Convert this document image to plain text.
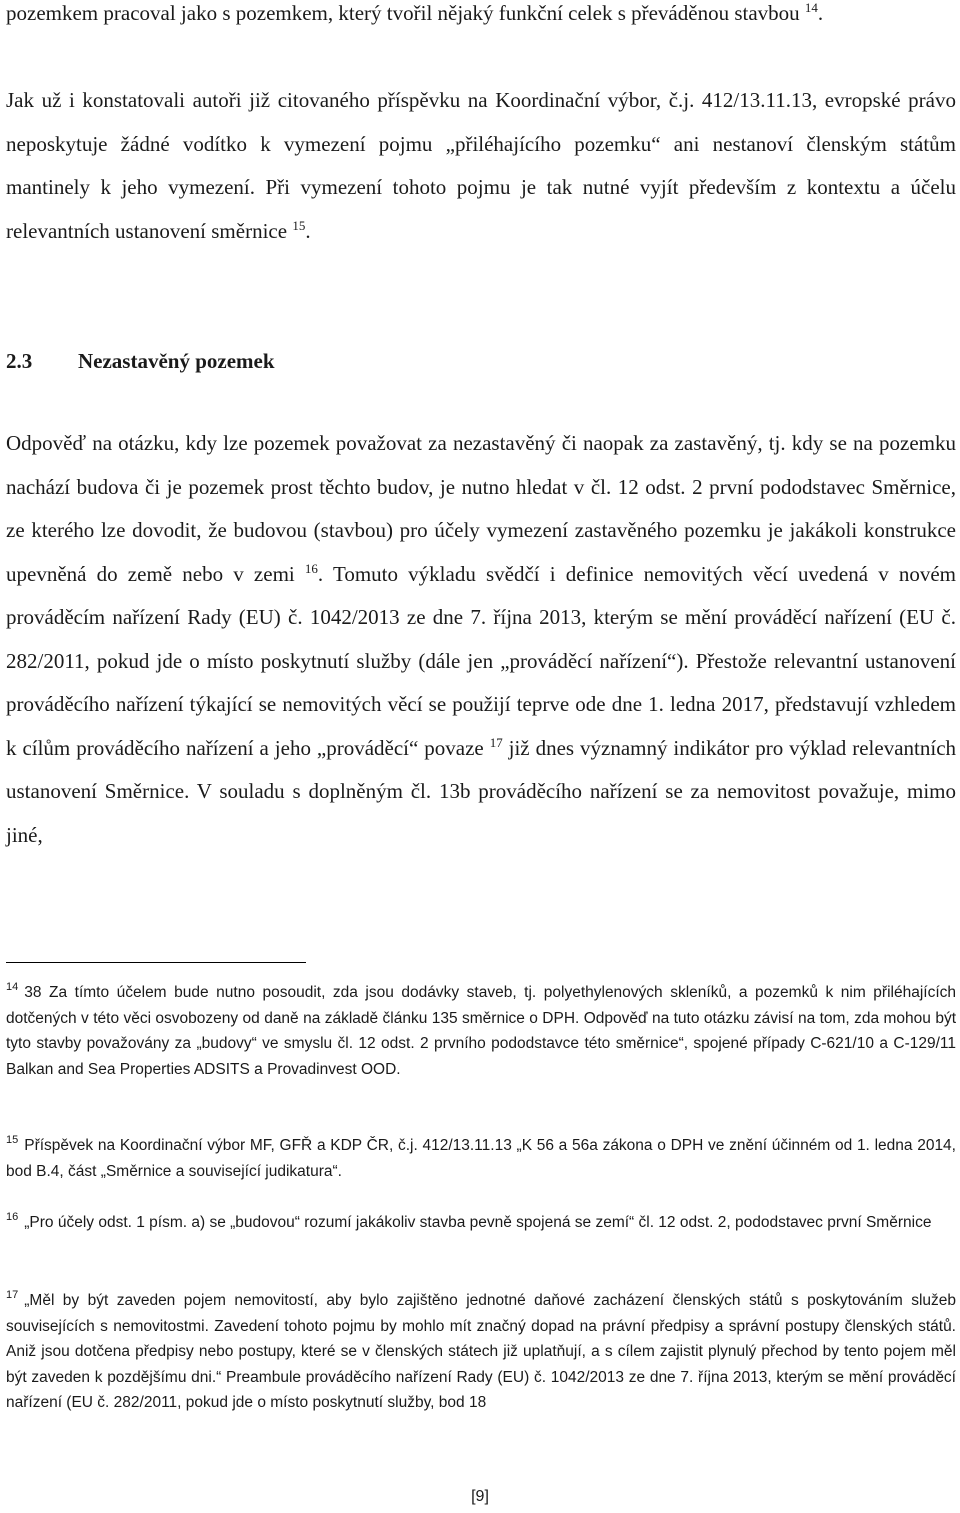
pozemkem pracoval jako s pozemkem, který tvořil nějaký funkční celek s převáděnou stavbou $^{14}$.

Jak už i konstatovali autoři již citovaného příspěvku na Koordinační výbor, č.j. 412/13.11.13, evropské právo neposkytuje žádné vodítko k vymezení pojmu „přiléhajícího pozemku“ ani nestanoví členským státům mantinely k jeho vymezení. Při vymezení tohoto pojmu je tak nutné vyjít především z kontextu a účelu relevantních ustanovení směrnice $^{15}$.

2.3 Nezastavěný pozemek

Odpověď na otázku, kdy lze pozemek považovat za nezastavěný či naopak za zastavěný, tj. kdy se na pozemku nachází budova či je pozemek prost těchto budov, je nutno hledat v čl. 12 odst. 2 první pododstavec Směrnice, ze kterého lze dovodit, že budovou (stavbou) pro účely vymezení zastavěného pozemku je jakákoli konstrukce upevněná do země nebo v zemi $^{16}$. Tomuto výkladu svědčí i definice nemovitých věcí uvedená v novém prováděcím nařízení Rady (EU) č. 1042/2013 ze dne 7. října 2013, kterým se mění prováděcí nařízení (EU č. 282/2011, pokud jde o místo poskytnutí služby (dále jen „prováděcí nařízení“). Přestože relevantní ustanovení prováděcího nařízení týkající se nemovitých věcí se použijí teprve ode dne 1. ledna 2017, představují vzhledem k cílům prováděcího nařízení a jeho „prováděcí“ povaze $^{17}$ již dnes významný indikátor pro výklad relevantních ustanovení Směrnice. V souladu s doplněným čl. 13b prováděcího nařízení se za nemovitost považuje, mimo jiné,

$^{14}$ 38 Za tímto účelem bude nutno posoudit, zda jsou dodávky staveb, tj. polyethylenových skleníků, a pozemků k nim přiléhajících dotčených v této věci osvobozeny od daně na základě článku 135 směrnice o DPH. Odpověď na tuto otázku závisí na tom, zda mohou být tyto stavby považovány za „budovy“ ve smyslu čl. 12 odst. 2 prvního pododstavce této směrnice“, spojené případy C-621/10 a C-129/11 Balkan and Sea Properties ADSITS a Provadinvest OOD.

$^{15}$ Příspěvek na Koordinační výbor MF, GFŘ a KDP ČR, č.j. 412/13.11.13 „K 56 a 56a zákona o DPH ve znění účinném od 1. ledna 2014, bod B.4, část „Směrnice a související judikatura“.

$^{16}$ „Pro účely odst. 1 písm. a) se „budovou“ rozumí jakákoliv stavba pevně spojená se zemí“ čl. 12 odst. 2, pododstavec první Směrnice

$^{17}$ „Měl by být zaveden pojem nemovitostí, aby bylo zajištěno jednotné daňové zacházení členských států s poskytováním služeb souvisejících s nemovitostmi. Zavedení tohoto pojmu by mohlo mít značný dopad na právní předpisy a správní postupy členských států. Aniž jsou dotčena předpisy nebo postupy, které se v členských státech již uplatňují, a s cílem zajistit plynulý přechod by tento pojem měl být zaveden k pozdějšímu dni.“ Preambule prováděcího nařízení Rady (EU) č. 1042/2013 ze dne 7. října 2013, kterým se mění prováděcí nařízení (EU č. 282/2011, pokud jde o místo poskytnutí služby, bod 18

[9]
